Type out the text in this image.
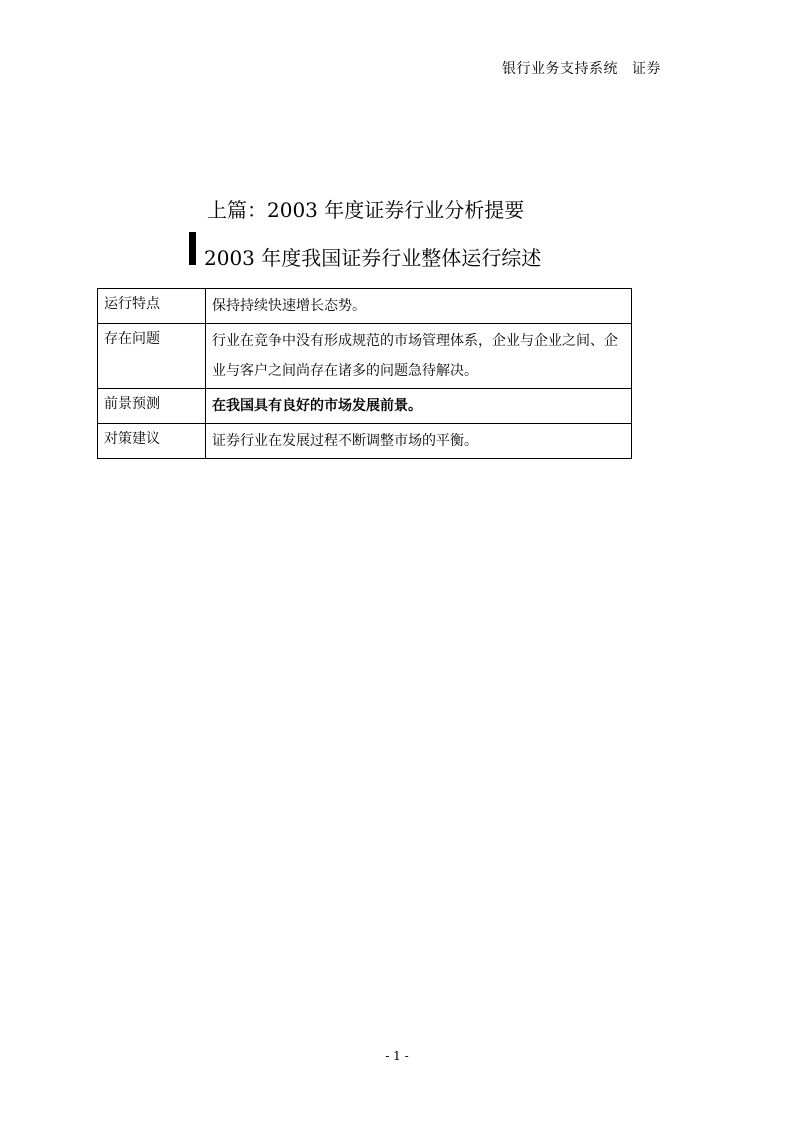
银行业务支持系统 证券
上篇：2003 年度证券行业分析提要
2003 年度我国证券行业整体运行综述
运行特点	保持持续快速增长态势。
存在问题	行业在竞争中没有形成规范的市场管理体系，企业与企业之间、企业与客户之间尚存在诸多的问题急待解决。
前景预测	在我国具有良好的市场发展前景。
对策建议	证券行业在发展过程不断调整市场的平衡。
- 1 -
